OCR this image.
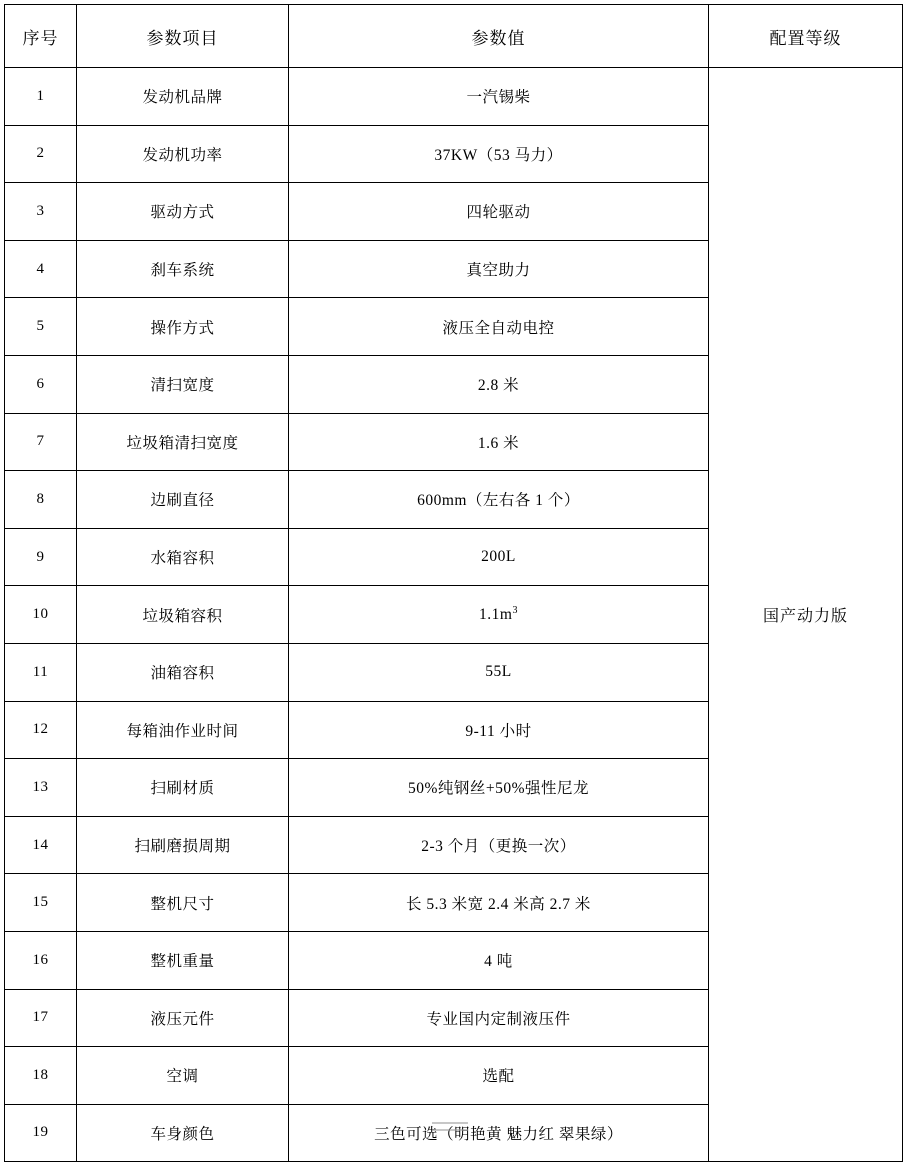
序号	参数项目	参数值	配置等级
1	发动机品牌	一汽锡柴	国产动力版
2	发动机功率	37KW（53 马力）	
3	驱动方式	四轮驱动	
4	刹车系统	真空助力	
5	操作方式	液压全自动电控	
6	清扫宽度	2.8 米	
7	垃圾箱清扫宽度	1.6 米	
8	边刷直径	600mm（左右各 1 个）	
9	水箱容积	200L	
10	垃圾箱容积	$1.1m^3$
11	油箱容积	55L	
12	每箱油作业时间	9-11 小时	
13	扫刷材质	50%纯钢丝+50%强性尼龙	
14	扫刷磨损周期	2-3 个月（更换一次）	
15	整机尺寸	长 5.3 米宽 2.4 米高 2.7 米	
16	整机重量	4 吨	
17	液压元件	专业国内定制液压件	
18	空调	选配	
19	车身颜色	三色可选（明艳黄 魅力红 翠果绿）	
